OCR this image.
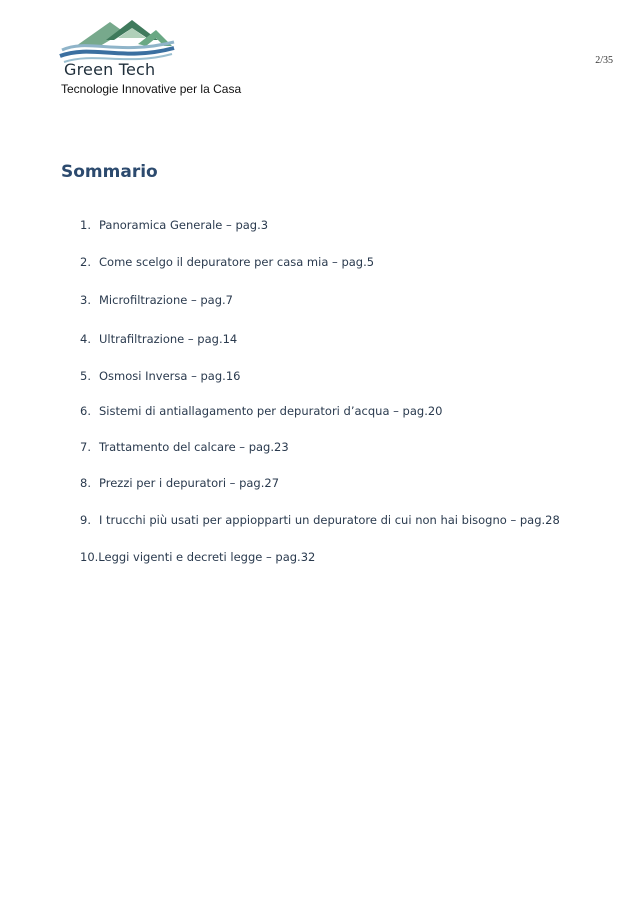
Green Tech
Tecnologie Innovative per la Casa
2/35
Sommario
1. Panoramica Generale – pag.3
2. Come scelgo il depuratore per casa mia – pag.5
3. Microfiltrazione – pag.7
4. Ultrafiltrazione – pag.14
5. Osmosi Inversa – pag.16
6. Sistemi di antiallagamento per depuratori d’acqua – pag.20
7. Trattamento del calcare – pag.23
8. Prezzi per i depuratori – pag.27
9. I trucchi più usati per appiopparti un depuratore di cui non hai bisogno – pag.28
10.Leggi vigenti e decreti legge – pag.32
